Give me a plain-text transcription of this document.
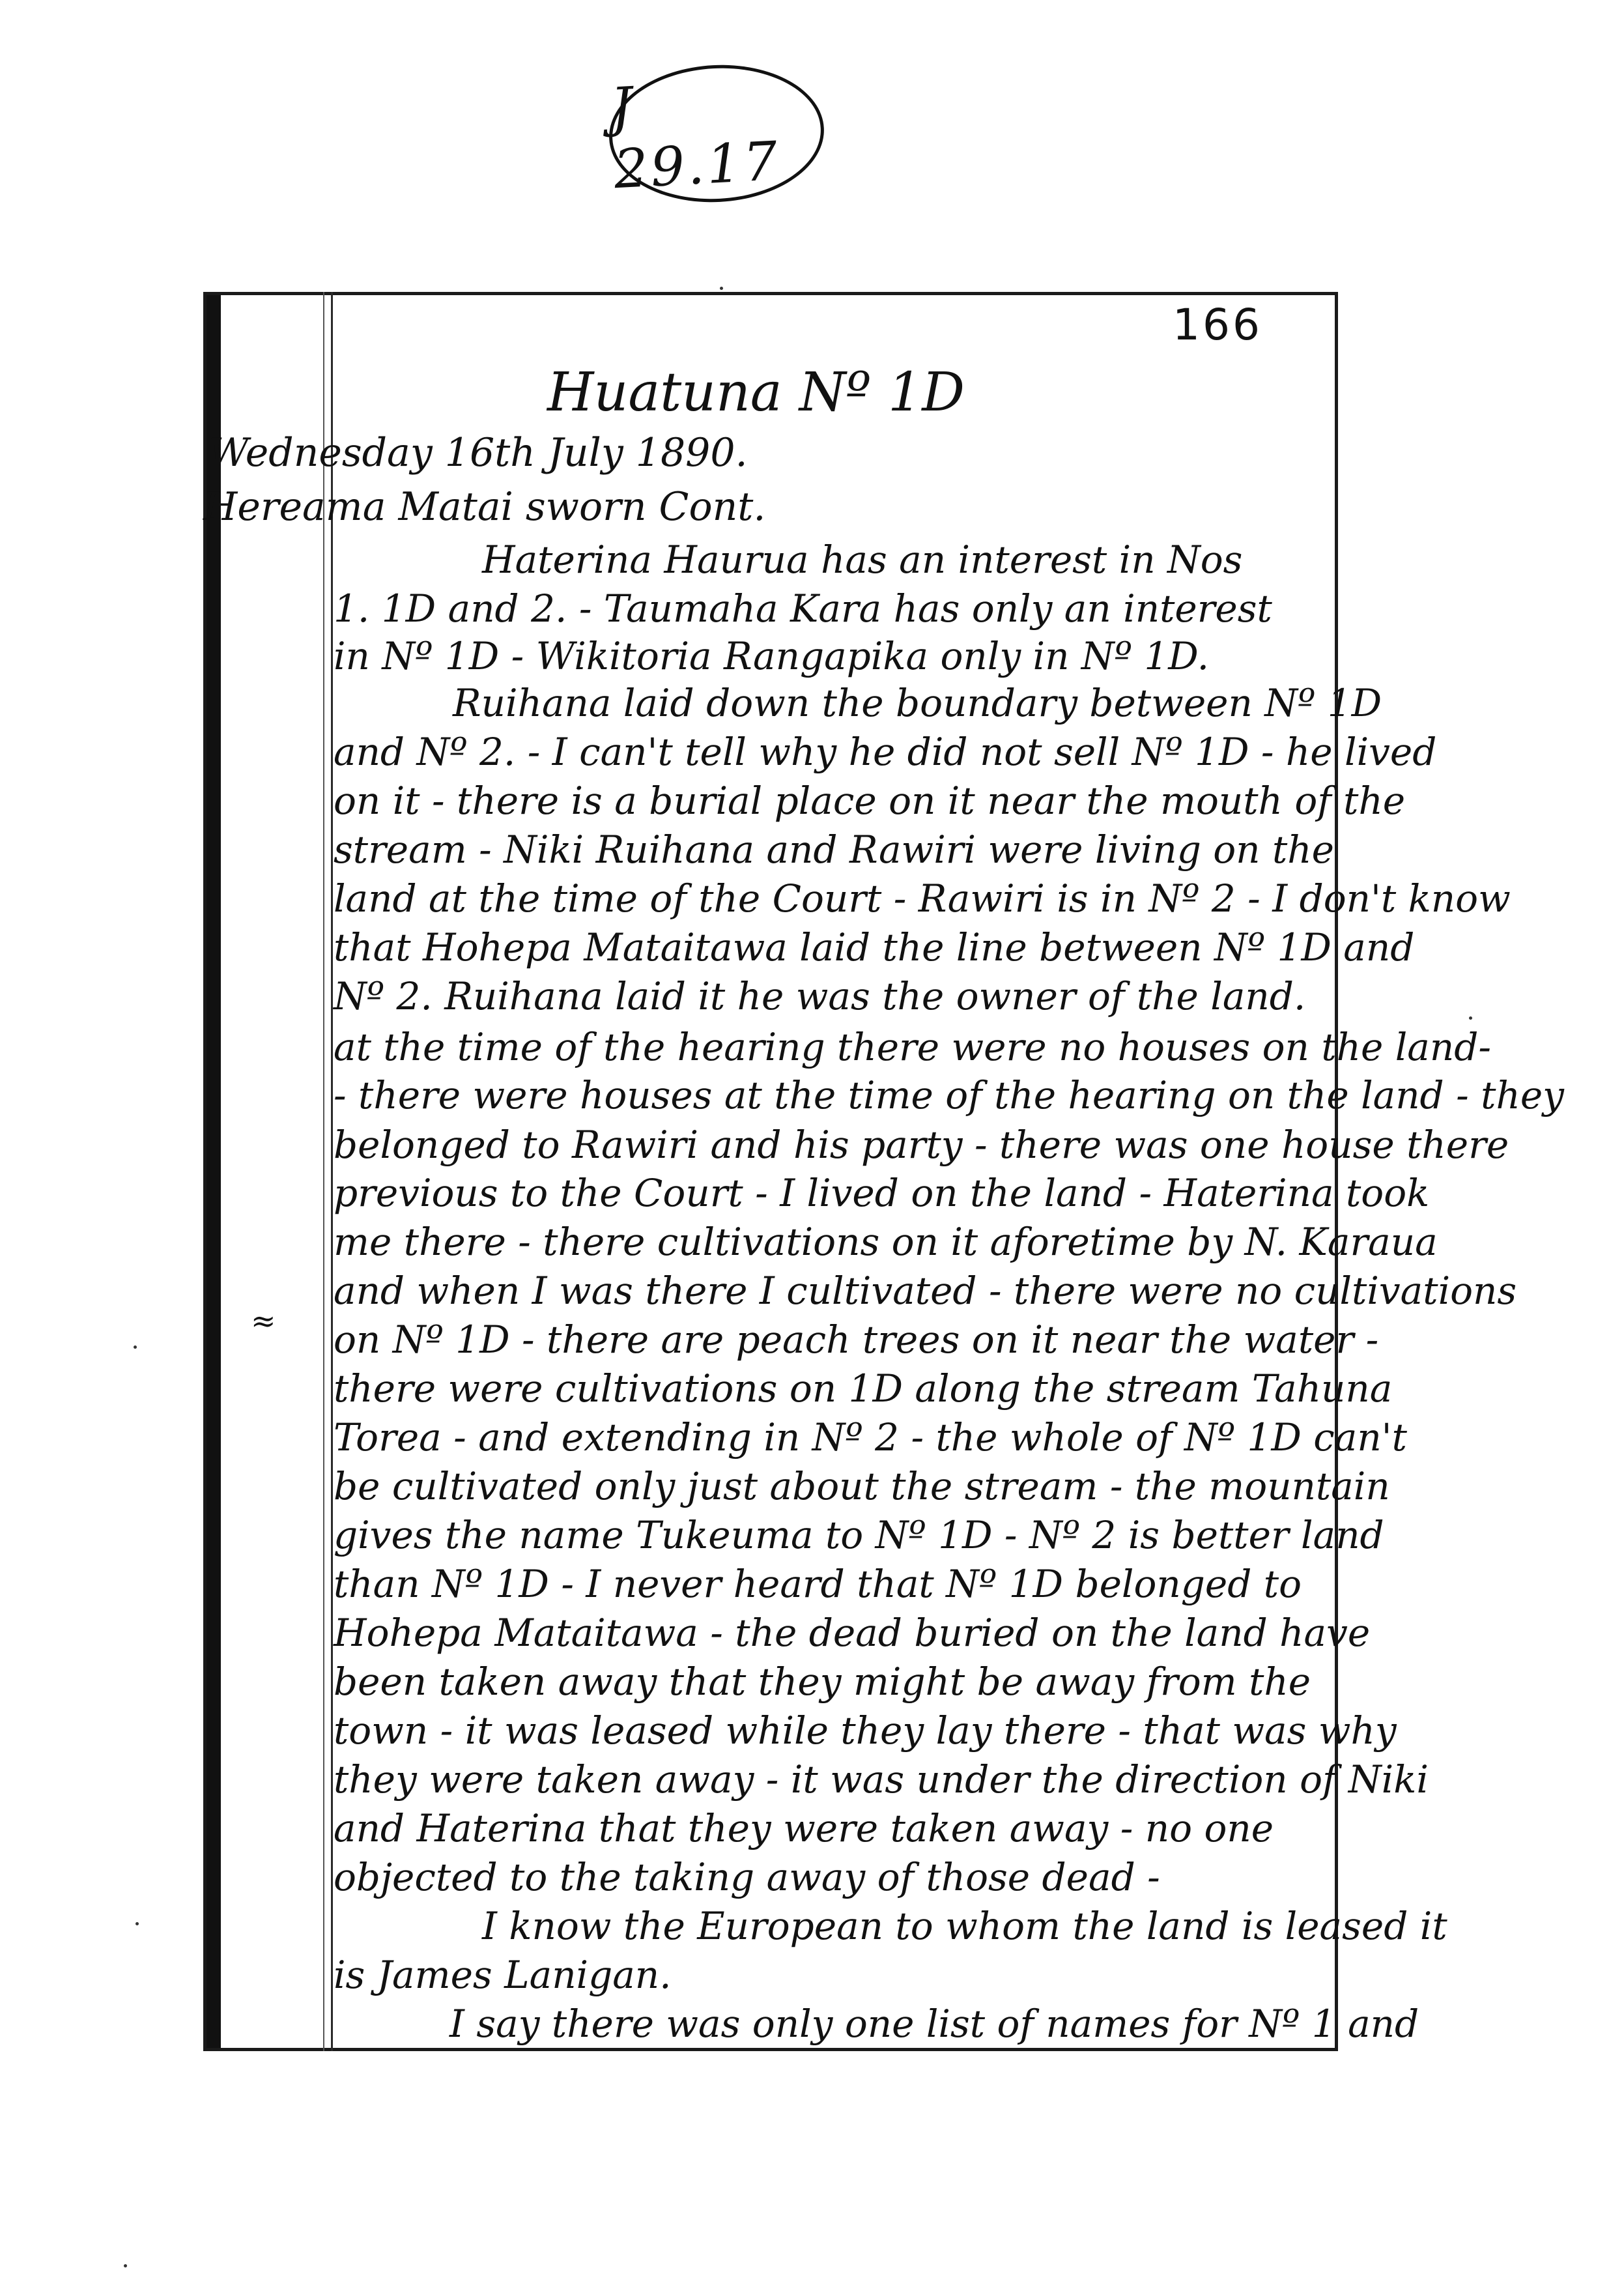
J 29.17
166
Huatuna Nº 1D
Wednesday 16th July 1890.
Hereama Matai sworn Cont.
Haterina Haurua has an interest in Nos
1. 1D and 2. - Taumaha Kara has only an interest
in Nº 1D - Wikitoria Rangapika only in Nº 1D.
Ruihana laid down the boundary between Nº 1D
and Nº 2. - I can't tell why he did not sell Nº 1D - he lived
on it - there is a burial place on it near the mouth of the
stream - Niki Ruihana and Rawiri were living on the
land at the time of the Court - Rawiri is in Nº 2 - I don't know
that Hohepa Mataitawa laid the line between Nº 1D and
Nº 2. Ruihana laid it he was the owner of the land.
at the time of the hearing there were no houses on the land-
- there were houses at the time of the hearing on the land - they
belonged to Rawiri and his party - there was one house there
previous to the Court - I lived on the land - Haterina took
me there - there cultivations on it aforetime by N. Karaua
and when I was there I cultivated - there were no cultivations
on Nº 1D - there are peach trees on it near the water -
there were cultivations on 1D along the stream Tahuna
Torea - and extending in Nº 2 - the whole of Nº 1D can't
be cultivated only just about the stream - the mountain
gives the name Tukeuma to Nº 1D - Nº 2 is better land
than Nº 1D - I never heard that Nº 1D belonged to
Hohepa Mataitawa - the dead buried on the land have
been taken away that they might be away from the
town - it was leased while they lay there - that was why
they were taken away - it was under the direction of Niki
and Haterina that they were taken away - no one
objected to the taking away of those dead -
I know the European to whom the land is leased it
is James Lanigan.
I say there was only one list of names for Nº 1 and
≈
